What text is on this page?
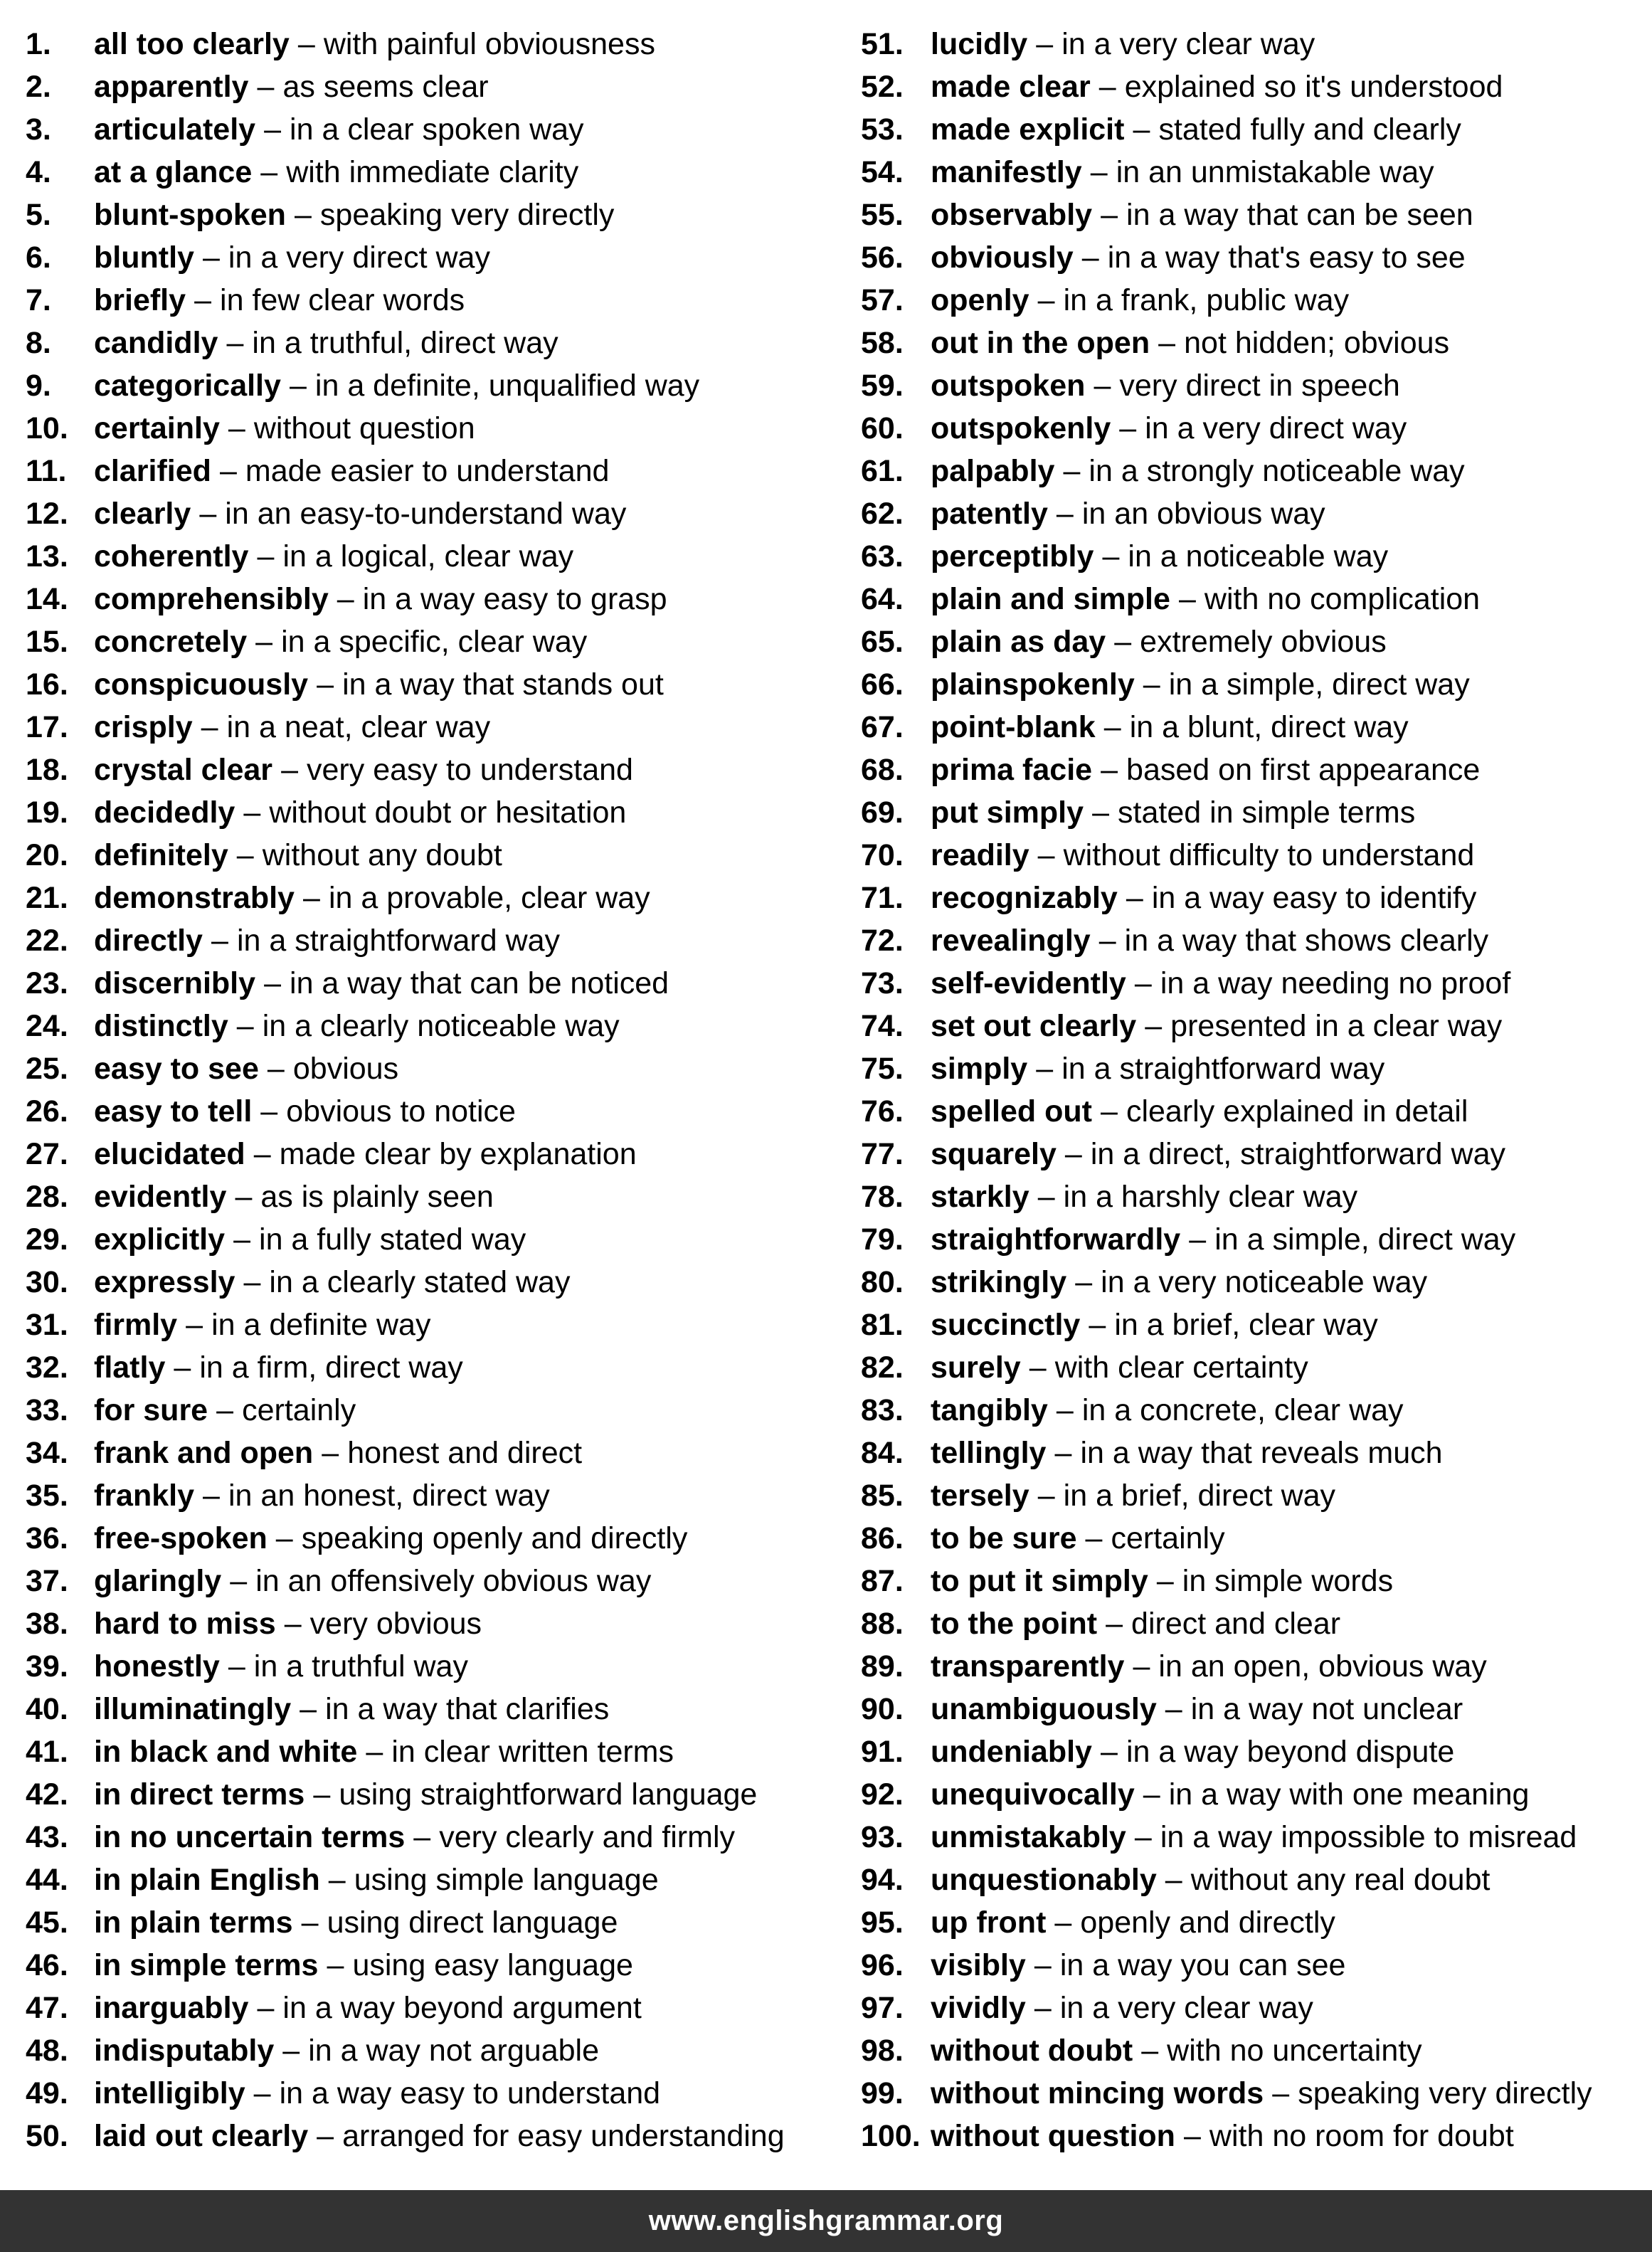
1.	all too clearly – with painful obviousness
2.	apparently – as seems clear
3.	articulately – in a clear spoken way
4.	at a glance – with immediate clarity
5.	blunt-spoken – speaking very directly
6.	bluntly – in a very direct way
7.	briefly – in few clear words
8.	candidly – in a truthful, direct way
9.	categorically – in a definite, unqualified way
10. certainly – without question
11. clarified – made easier to understand
12. clearly – in an easy-to-understand way
13. coherently – in a logical, clear way
14. comprehensibly – in a way easy to grasp
15. concretely – in a specific, clear way
16. conspicuously – in a way that stands out
17. crisply – in a neat, clear way
18. crystal clear – very easy to understand
19. decidedly – without doubt or hesitation
20. definitely – without any doubt
21. demonstrably – in a provable, clear way
22. directly – in a straightforward way
23. discernibly – in a way that can be noticed
24. distinctly – in a clearly noticeable way
25. easy to see – obvious
26. easy to tell – obvious to notice
27. elucidated – made clear by explanation
28. evidently – as is plainly seen
29. explicitly – in a fully stated way
30. expressly – in a clearly stated way
31. firmly – in a definite way
32. flatly – in a firm, direct way
33. for sure – certainly
34. frank and open – honest and direct
35. frankly – in an honest, direct way
36. free-spoken – speaking openly and directly
37. glaringly – in an offensively obvious way
38. hard to miss – very obvious
39. honestly – in a truthful way
40. illuminatingly – in a way that clarifies
41. in black and white – in clear written terms
42. in direct terms – using straightforward language
43. in no uncertain terms – very clearly and firmly
44. in plain English – using simple language
45. in plain terms – using direct language
46. in simple terms – using easy language
47. inarguably – in a way beyond argument
48. indisputably – in a way not arguable
49. intelligibly – in a way easy to understand
50. laid out clearly – arranged for easy understanding
51. lucidly – in a very clear way
52. made clear – explained so it's understood
53. made explicit – stated fully and clearly
54. manifestly – in an unmistakable way
55. observably – in a way that can be seen
56. obviously – in a way that's easy to see
57. openly – in a frank, public way
58. out in the open – not hidden; obvious
59. outspoken – very direct in speech
60. outspokenly – in a very direct way
61. palpably – in a strongly noticeable way
62. patently – in an obvious way
63. perceptibly – in a noticeable way
64. plain and simple – with no complication
65. plain as day – extremely obvious
66. plainspokenly – in a simple, direct way
67. point-blank – in a blunt, direct way
68. prima facie – based on first appearance
69. put simply – stated in simple terms
70. readily – without difficulty to understand
71. recognizably – in a way easy to identify
72. revealingly – in a way that shows clearly
73. self-evidently – in a way needing no proof
74. set out clearly – presented in a clear way
75. simply – in a straightforward way
76. spelled out – clearly explained in detail
77. squarely – in a direct, straightforward way
78. starkly – in a harshly clear way
79. straightforwardly – in a simple, direct way
80. strikingly – in a very noticeable way
81. succinctly – in a brief, clear way
82. surely – with clear certainty
83. tangibly – in a concrete, clear way
84. tellingly – in a way that reveals much
85. tersely – in a brief, direct way
86. to be sure – certainly
87. to put it simply – in simple words
88. to the point – direct and clear
89. transparently – in an open, obvious way
90. unambiguously – in a way not unclear
91. undeniably – in a way beyond dispute
92. unequivocally – in a way with one meaning
93. unmistakably – in a way impossible to misread
94. unquestionably – without any real doubt
95. up front – openly and directly
96. visibly – in a way you can see
97. vividly – in a very clear way
98. without doubt – with no uncertainty
99. without mincing words – speaking very directly
100. without question – with no room for doubt
www.englishgrammar.org
